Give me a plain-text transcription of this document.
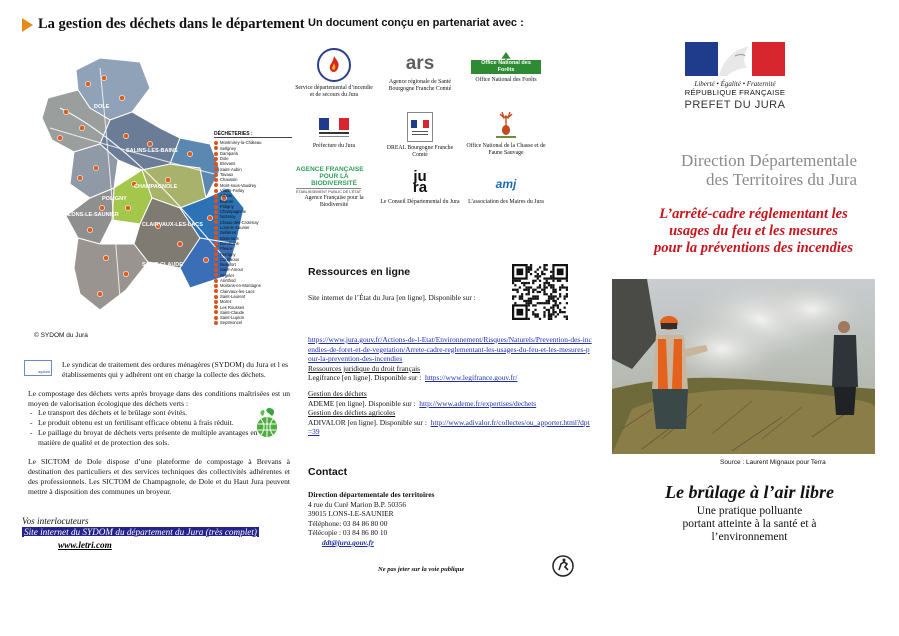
La gestion des déchets dans le département
DOLE
SALINS-LES-BAINS
CHAMPAGNOLE
LONS-LE-SAUNIER
CLAIRVAUX-LES-LACS
SAINT-CLAUDE
POLIGNY
DÉCHETERIES :
Montmirey-la-Château
Sellgney
Damparis
Dole
Brevans
Saint-Aubin
Tavaux
Chaussin
Mont-sous-Vaudrey
Villers-Farlay
Arbois
Bracon
Poligny
Champagnole
Nozeroy
Chaux-des-Crotenay
Lons-le-Saunier
Sellières
Bletterans
Domblans
Pleure
Perrigny
Courlaoux
Beaufort
Saint-Amour
Orgelet
Arinthod
Moirans-en-Montagne
Clairvaux-les-Lacs
Saint-Laurent
Morez
Les Rousses
Saint-Claude
Saint-Lupicin
Septmoncel
© SYDOM du Jura
sydom
Le syndicat de traitement des ordures ménagères (SYDOM) du Jura et l es établissements qui y adhérent ont en charge la collecte des déchets.
Le compostage des déchets verts après broyage dans des conditions maîtrisées est un moyen de valorisation écologique des déchets verts :
- Le transport des déchets et le brûlage sont évités.
- Le produit obtenu est un fertilisant efficace obtenu à frais réduit.
- Le paillage du broyat de déchets verts présente de multiple avantages en matière de qualité et de protection des sols.
Le SICTOM de Dole dispose d’une plateforme de compostage à Brevans à destination des particuliers et des services techniques des collectivités adhérentes et des professionnels. Les SICTOM de Champagnole, de Dole et du Haut Jura peuvent mettre à disposition des communes un broyeur.
Vos interlocuteurs
Site internet du SYDOM du département du Jura (très complet)
www.letri.com
Un document conçu en partenariat avec :
Service départemental d’incendie et de secours du Jura
ars
Agence régionale de Santé Bourgogne Franche Comté
Office National des Forêts
Office National des Forêts
Préfecture du Jura	DREAL Bourgogne Franche Comté
Office National de la Chasse et de Faune Sauvage
AGENCE FRANÇAISE
POUR LA BIODIVERSITÉ
ÉTABLISSEMENT PUBLIC DE L’ÉTAT
Agence Française pour la Biodiversité
jura
Le Conseil Départemental du Jura
amj
L’association des Maires du Jura
Ressources en ligne
Site internet de l’État du Jura [en ligne]. Disponible sur :
https://www.jura.gouv.fr/Actions-de-l-Etat/Environnement/Risques/Naturels/Prevention-des-incendies-de-foret-et-de-vegetation/Arrete-cadre-reglementant-les-usages-du-feu-et-les-mesures-pour-la-prevention-des-incendies
Ressources juridique du droit français
Legifrance [en ligne]. Disponible sur : https://www.legifrance.gouv.fr/

Gestion des déchets
ADEME [en ligne]. Disponible sur : http://www.ademe.fr/expertises/dechets
Gestion des déchets agricoles
ADIVALOR [en ligne]. Disponible sur : http://www.adivalor.fr/collectes/ou_apporter.html?dpt=39
Contact
Direction départementale des territoires
4 rue du Curé Marion B.P. 50356
39015 LONS-LE-SAUNIER
Téléphone: 03 84 86 80 00
Télécopie : 03 84 86 80 10
ddt@jura.gouv.fr
Ne pas jeter sur la voie publique
Liberté • Égalité • Fraternité
RÉPUBLIQUE FRANÇAISE
PREFET DU JURA
Direction Départementale
des Territoires du Jura
L’arrêté-cadre réglementant les
usages du feu et les mesures
pour la préventions des incendies
Source : Laurent Mignaux pour Terra
Le brûlage à l’air libre
Une pratique polluante
portant atteinte à la santé et à
l’environnement
